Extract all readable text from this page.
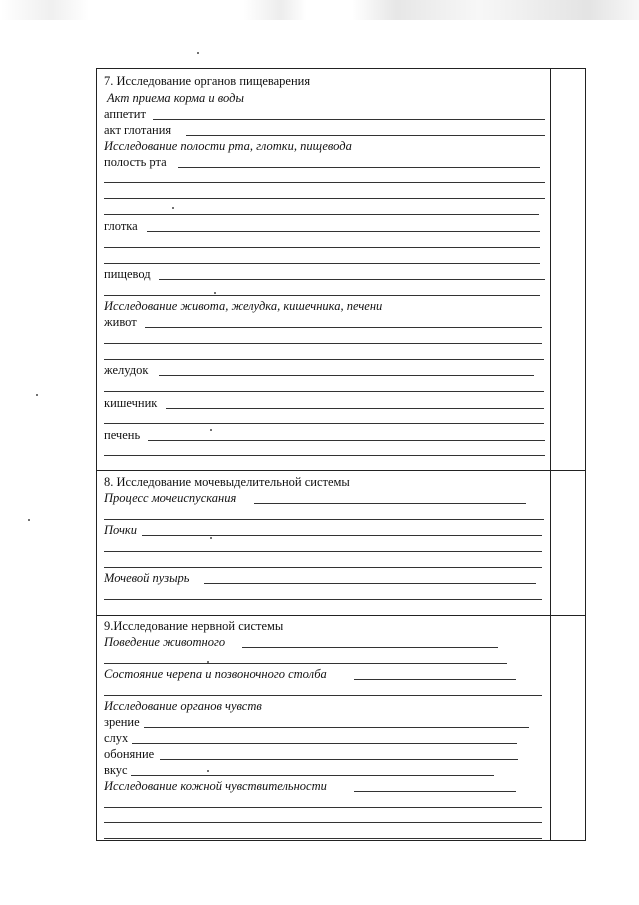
7. Исследование органов пищеварения
Акт приема корма и воды
аппетит
акт глотания
Исследование полости рта, глотки, пищевода
полость рта
глотка
пищевод
Исследование живота, желудка, кишечника, печени
живот
желудок
кишечник
печень
8. Исследование мочевыделительной системы
Процесс мочеиспускания
Почки
Мочевой пузырь
9.Исследование нервной системы
Поведение животного
Состояние черепа и позвоночного столба
Исследование органов чувств
зрение
слух
обоняние
вкус
Исследование кожной чувствительности
